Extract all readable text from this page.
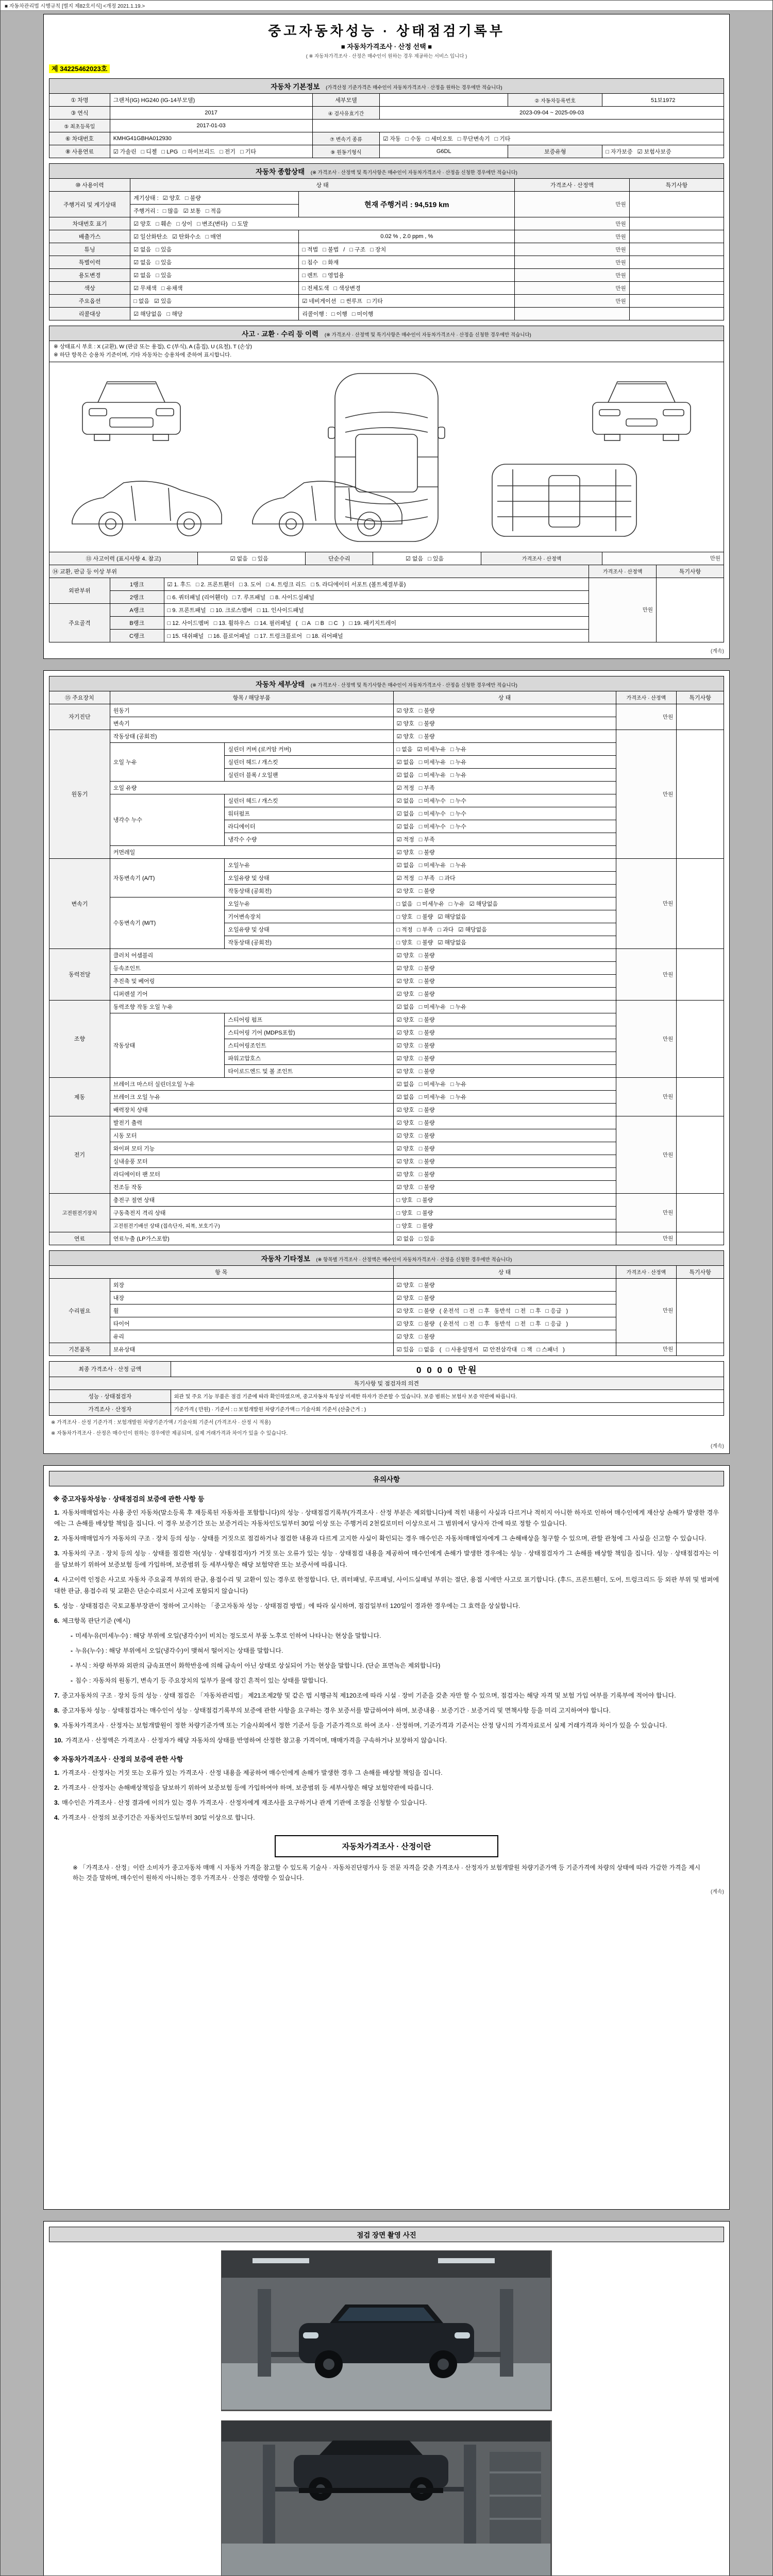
■ 자동차관리법 시행규칙 [별지 제82호서식] <개정 2021.1.19.>
중고자동차성능 · 상태점검기록부
■ 자동차가격조사 · 산정 선택 ■
( ※ 자동차가격조사 · 산정은 매수인이 원하는 경우 제공하는 서비스 입니다 )
제 34225462023호
자동차 기본정보 (가격산정 기준가격은 매수인이 자동차가격조사 · 산정을 원하는 경우에만 적습니다)
① 차명	그랜저(IG) HG240 (IG-14부모델)	세부모델		② 자동차등록번호	51보1972
③ 연식	2017	④ 검사유효기간	2023-09-04 ~ 2025-09-03		
⑤ 최초등록일	2017-01-03				
⑥ 차대번호	KMHG41GBHA012930	⑦ 변속기 종류	☑ 자동 □ 수동 □ 세미오토 □ 무단변속기 □ 기타		
⑧ 사용연료	☑ 가솔린 □ 디젤 □ LPG □ 하이브리드 □ 전기 □ 기타	⑨ 원동기형식	G6DL	보증유형	□ 자가보증 ☑ 보험사보증
자동차 종합상태 (※ 가격조사 · 산정액 및 특기사항은 매수인이 자동차가격조사 · 산정을 신청한 경우에만 적습니다)
⑩ 사용이력	상 태		가격조사 · 산정액	특기사항
주행거리 및 계기상태	계기상태 : ☑ 양호 □ 불량	현재 주행거리 : 94,519 km	만원	
	주행거리 : □ 많음 ☑ 보통 □ 적음			
차대번호 표기	☑ 양호 □ 훼손 □ 상이 □ 변조(변타) □ 도말		만원	
배출가스	☑ 일산화탄소 ☑ 탄화수소 □ 매연	0.02 % , 2.0 ppm , %	만원	
튜닝	☑ 없음 □ 있음	□ 적법 □ 불법 / □ 구조 □ 장치	만원	
특별이력	☑ 없음 □ 있음	□ 침수 □ 화재	만원	
용도변경	☑ 없음 □ 있음	□ 렌트 □ 영업용	만원	
색상	☑ 무채색 □ 유채색	□ 전체도색 □ 색상변경	만원	
주요옵션	□ 없음 ☑ 있음	☑ 네비게이션 □ 썬루프 □ 기타	만원	
리콜대상	☑ 해당없음 □ 해당	리콜이행 : □ 이행 □ 미이행		
사고 · 교환 · 수리 등 이력 (※ 가격조사 · 산정액 및 특기사항은 매수인이 자동차가격조사 · 산정을 신청한 경우에만 적습니다)
※ 상태표시 부호 : X (교환), W (판금 또는 용접), C (부식), A (흠집), U (요철), T (손상)
※ 하단 항목은 승용차 기준이며, 기타 자동차는 승용차에 준하여 표시합니다.
⑬ 사고이력 (표시사항 4. 참고)	☑ 없음 □ 있음	단순수리	☑ 없음 □ 있음	가격조사 · 산정액	만원
⑭ 교환, 판금 등 이상 부위			가격조사 · 산정액	특기사항
외판부위	1랭크	☑ 1. 후드 □ 2. 프론트휀더 □ 3. 도어 □ 4. 트렁크 리드 □ 5. 라디에이터 서포트 (볼트체결부품)	만원	
	2랭크	□ 6. 쿼터패널 (리어휀더) □ 7. 루프패널 □ 8. 사이드실패널		
주요골격	A랭크	□ 9. 프론트패널 □ 10. 크로스멤버 □ 11. 인사이드패널		
	B랭크	□ 12. 사이드멤버 □ 13. 휠하우스 □ 14. 필러패널 ( □ A □ B □ C ) □ 19. 패키지트레이		
	C랭크	□ 15. 대쉬패널 □ 16. 플로어패널 □ 17. 트렁크플로어 □ 18. 리어패널		
(계속)
자동차 세부상태 (※ 가격조사 · 산정액 및 특기사항은 매수인이 자동차가격조사 · 산정을 신청한 경우에만 적습니다)
⑮ 주요장치	항목 / 해당부품		상 태	가격조사 · 산정액	특기사항
자기진단	원동기		☑ 양호 □ 불량	만원	
	변속기		☑ 양호 □ 불량		
원동기	작동상태 (공회전)		☑ 양호 □ 불량	만원	
	오일 누유	실린더 커버 (로커암 커버)	□ 없음 ☑ 미세누유 □ 누유		
		실린더 헤드 / 개스킷	☑ 없음 □ 미세누유 □ 누유		
		실린더 블록 / 오일팬	☑ 없음 □ 미세누유 □ 누유		
	오일 유량		☑ 적정 □ 부족		
	냉각수 누수	실린더 헤드 / 개스킷	☑ 없음 □ 미세누수 □ 누수		
		워터펌프	☑ 없음 □ 미세누수 □ 누수		
		라디에이터	☑ 없음 □ 미세누수 □ 누수		
		냉각수 수량	☑ 적정 □ 부족		
	커먼레일		☑ 양호 □ 불량		
변속기	자동변속기 (A/T)	오일누유	☑ 없음 □ 미세누유 □ 누유	만원	
		오일유량 및 상태	☑ 적정 □ 부족 □ 과다		
		작동상태 (공회전)	☑ 양호 □ 불량		
	수동변속기 (M/T)	오일누유	□ 없음 □ 미세누유 □ 누유 ☑ 해당없음		
		기어변속장치	□ 양호 □ 불량 ☑ 해당없음		
		오일유량 및 상태	□ 적정 □ 부족 □ 과다 ☑ 해당없음		
		작동상태 (공회전)	□ 양호 □ 불량 ☑ 해당없음		
동력전달	클러치 어셈블리		☑ 양호 □ 불량	만원	
	등속조인트		☑ 양호 □ 불량		
	추진축 및 베어링		☑ 양호 □ 불량		
	디퍼렌셜 기어		☑ 양호 □ 불량		
조향	동력조향 작동 오일 누유		☑ 없음 □ 미세누유 □ 누유	만원	
	작동상태	스티어링 펌프	☑ 양호 □ 불량		
		스티어링 기어 (MDPS포함)	☑ 양호 □ 불량		
		스티어링조인트	☑ 양호 □ 불량		
		파워고압호스	☑ 양호 □ 불량		
		타이로드엔드 및 볼 조인트	☑ 양호 □ 불량		
제동	브레이크 마스터 실린더오일 누유		☑ 없음 □ 미세누유 □ 누유	만원	
	브레이크 오일 누유		☑ 없음 □ 미세누유 □ 누유		
	배력장치 상태		☑ 양호 □ 불량		
전기	발전기 출력		☑ 양호 □ 불량	만원	
	시동 모터		☑ 양호 □ 불량		
	와이퍼 모터 기능		☑ 양호 □ 불량		
	실내송풍 모터		☑ 양호 □ 불량		
	라디에이터 팬 모터		☑ 양호 □ 불량		
	전조등 작동		☑ 양호 □ 불량		
고전원전기장치	충전구 절연 상태		□ 양호 □ 불량	만원	
	구동축전지 격리 상태		□ 양호 □ 불량		
	고전원전기배선 상태 (접속단자, 피복, 보호기구)		□ 양호 □ 불량		
연료	연료누출 (LP가스포함)		☑ 없음 □ 있음	만원	
자동차 기타정보 (※ 항목별 가격조사 · 산정액은 매수인이 자동차가격조사 · 산정을 신청한 경우에만 적습니다)
항 목		상 태	가격조사 · 산정액	특기사항
수리필요	외장	☑ 양호 □ 불량	만원	
	내장	☑ 양호 □ 불량		
	휠	☑ 양호 □ 불량 ( 운전석 □ 전 □ 후 동반석 □ 전 □ 후 □ 응급 )		
	타이어	☑ 양호 □ 불량 ( 운전석 □ 전 □ 후 동반석 □ 전 □ 후 □ 응급 )		
	유리	☑ 양호 □ 불량		
기본품목	보유상태	☑ 있음 □ 없음 ( □ 사용설명서 ☑ 안전삼각대 □ 잭 □ 스패너 )	만원	
최종 가격조사 · 산정 금액	0 0 0 0 만원
특기사항 및 점검자의 의견	
성능 · 상태점검자	외관 및 주요 기능 부품은 점검 기준에 따라 확인하였으며, 중고자동차 특성상 미세한 하자가 잔존할 수 있습니다. 보증 범위는 보험사 보증 약관에 따릅니다.
가격조사 · 산정자	기준가격 ( 만원) · 기준서 : □ 보험개발원 차량기준가액 □ 기술사회 기준서 (산출근거 : )
※ 가격조사 · 산정 기준가격 : 보험개발원 차량기준가액 / 기술사회 기준서 (가격조사 · 산정 시 적용)
※ 자동차가격조사 · 산정은 매수인이 원하는 경우에만 제공되며, 실제 거래가격과 차이가 있을 수 있습니다.
(계속)
유의사항
※ 중고자동차성능 · 상태점검의 보증에 관한 사항 등
1. 자동차매매업자는 사용 중인 자동차(말소등록 후 재등록된 자동차를 포함합니다)의 성능 · 상태점검기록부(가격조사 · 산정 부분은 제외합니다)에 적힌 내용이 사실과 다르거나 적히지 아니한 하자로 인하여 매수인에게 재산상 손해가 발생한 경우에는 그 손해를 배상할 책임을 집니다. 이 경우 보증기간 또는 보증거리는 자동차인도일부터 30일 이상 또는 주행거리 2천킬로미터 이상으로서 그 범위에서 당사자 간에 따로 정할 수 있습니다.
2. 자동차매매업자가 자동차의 구조 · 장치 등의 성능 · 상태를 거짓으로 점검하거나 점검한 내용과 다르게 고지한 사실이 확인되는 경우 매수인은 자동차매매업자에게 그 손해배상을 청구할 수 있으며, 관할 관청에 그 사실을 신고할 수 있습니다.
3. 자동차의 구조 · 장치 등의 성능 · 상태를 점검한 자(성능 · 상태점검자)가 거짓 또는 오류가 있는 성능 · 상태점검 내용을 제공하여 매수인에게 손해가 발생한 경우에는 성능 · 상태점검자가 그 손해를 배상할 책임을 집니다. 성능 · 상태점검자는 이를 담보하기 위하여 보증보험 등에 가입하며, 보증범위 등 세부사항은 해당 보험약관 또는 보증서에 따릅니다.
4. 사고이력 인정은 사고로 자동차 주요골격 부위의 판금, 용접수리 및 교환이 있는 경우로 한정합니다. 단, 쿼터패널, 루프패널, 사이드실패널 부위는 절단, 용접 시에만 사고로 표기합니다. (후드, 프론트휀더, 도어, 트렁크리드 등 외판 부위 및 범퍼에 대한 판금, 용접수리 및 교환은 단순수리로서 사고에 포함되지 않습니다)
5. 성능 · 상태점검은 국토교통부장관이 정하여 고시하는 「중고자동차 성능 · 상태점검 방법」에 따라 실시하며, 점검일부터 120일이 경과한 경우에는 그 효력을 상실합니다.
6. 체크항목 판단기준 (예시)
- 미세누유(미세누수) : 해당 부위에 오일(냉각수)이 비치는 정도로서 부품 노후로 인하여 나타나는 현상을 말합니다.
- 누유(누수) : 해당 부위에서 오일(냉각수)이 맺혀서 떨어지는 상태를 말합니다.
- 부식 : 차량 하부와 외판의 금속표면이 화학반응에 의해 금속이 아닌 상태로 상실되어 가는 현상을 말합니다. (단순 표면녹은 제외합니다)
- 침수 : 자동차의 원동기, 변속기 등 주요장치의 일부가 물에 잠긴 흔적이 있는 상태를 말합니다.
7. 중고자동차의 구조 · 장치 등의 성능 · 상태 점검은 「자동차관리법」 제21조제2항 및 같은 법 시행규칙 제120조에 따라 시설 · 장비 기준을 갖춘 자만 할 수 있으며, 점검자는 해당 자격 및 보험 가입 여부를 기록부에 적어야 합니다.
8. 중고자동차 성능 · 상태점검자는 매수인이 성능 · 상태점검기록부의 보증에 관한 사항을 요구하는 경우 보증서를 발급하여야 하며, 보증내용 · 보증기간 · 보증거리 및 면책사항 등을 미리 고지하여야 합니다.
9. 자동차가격조사 · 산정자는 보험개발원이 정한 차량기준가액 또는 기술사회에서 정한 기준서 등을 기준가격으로 하여 조사 · 산정하며, 기준가격과 기준서는 산정 당시의 가격자료로서 실제 거래가격과 차이가 있을 수 있습니다.
10. 가격조사 · 산정액은 가격조사 · 산정자가 해당 자동차의 상태를 반영하여 산정한 참고용 가격이며, 매매가격을 구속하거나 보장하지 않습니다.
※ 자동차가격조사 · 산정의 보증에 관한 사항
1. 가격조사 · 산정자는 거짓 또는 오류가 있는 가격조사 · 산정 내용을 제공하여 매수인에게 손해가 발생한 경우 그 손해를 배상할 책임을 집니다.
2. 가격조사 · 산정자는 손해배상책임을 담보하기 위하여 보증보험 등에 가입하여야 하며, 보증범위 등 세부사항은 해당 보험약관에 따릅니다.
3. 매수인은 가격조사 · 산정 결과에 이의가 있는 경우 가격조사 · 산정자에게 재조사를 요구하거나 관계 기관에 조정을 신청할 수 있습니다.
4. 가격조사 · 산정의 보증기간은 자동차인도일부터 30일 이상으로 합니다.
자동차가격조사 · 산정이란
※ 「가격조사 · 산정」이란 소비자가 중고자동차 매매 시 자동차 가격을 참고할 수 있도록 기술사 · 자동차진단평가사 등 전문 자격을 갖춘 가격조사 · 산정자가 보험개발원 차량기준가액 등 기준가격에 차량의 상태에 따라 가감한 가격을 제시하는 것을 말하며, 매수인이 원하지 아니하는 경우 가격조사 · 산정은 생략할 수 있습니다.
(계속)
점검 장면 촬영 사진
